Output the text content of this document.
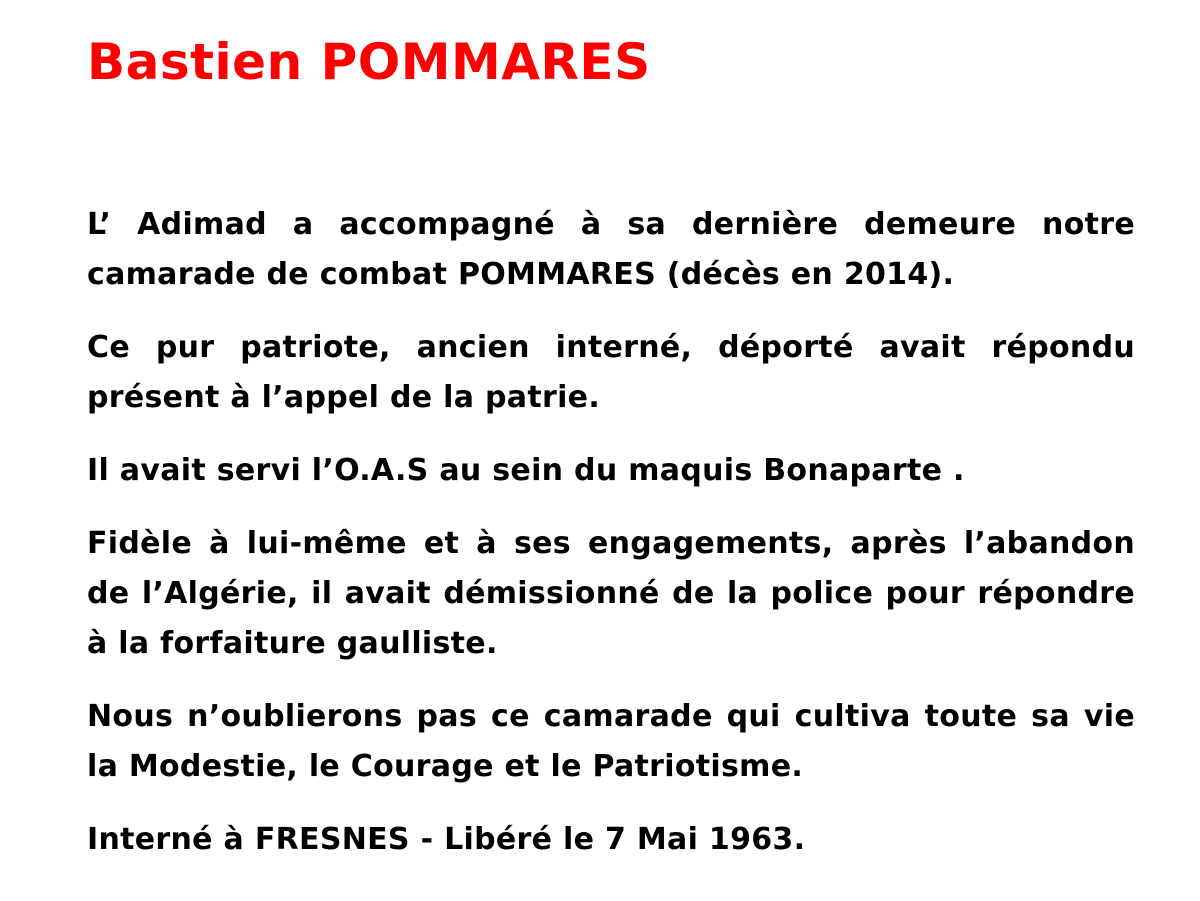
Bastien POMMARES

L’ Adimad a accompagné à sa dernière demeure notre camarade de combat POMMARES (décès en 2014).

Ce pur patriote, ancien interné, déporté avait répondu présent à l’appel de la patrie.

Il avait servi l’O.A.S au sein du maquis Bonaparte .

Fidèle à lui-même et à ses engagements, après l’abandon de l’Algérie, il avait démissionné de la police pour répondre à la forfaiture gaulliste.

Nous n’oublierons pas ce camarade qui cultiva toute sa vie la Modestie, le Courage et le Patriotisme.

Interné à FRESNES - Libéré le 7 Mai 1963.
